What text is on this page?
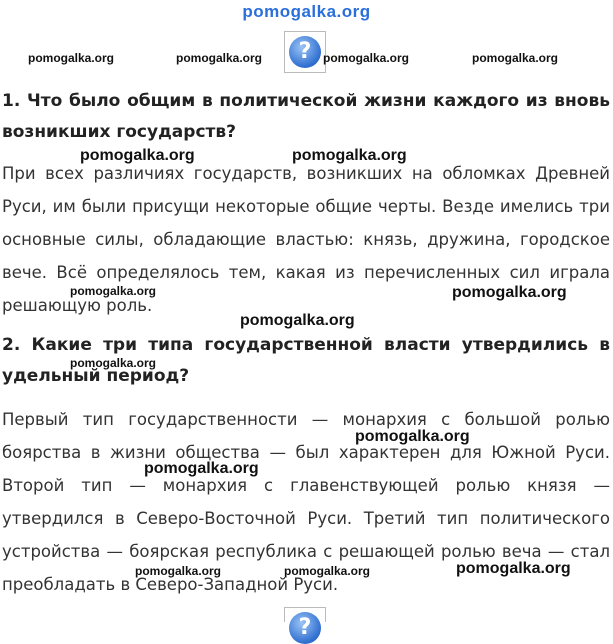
pomogalka.org
?
pomogalka.org	pomogalka.org	pomogalka.org	pomogalka.org
1. Что было общим в политической жизни каждого из вновь возникших государств?
При всех различиях государств, возникших на обломках Древней Руси, им были присущи некоторые общие черты. Везде имелись три основные силы, обладающие властью: князь, дружина, городское вече. Всё определялось тем, какая из перечисленных сил играла решающую роль.
2. Какие три типа государственной власти утвердились в удельный период?
Первый тип государственности — монархия с большой ролью боярства в жизни общества — был характерен для Южной Руси. Второй тип — монархия с главенствующей ролью князя — утвердился в Северо-Восточной Руси. Третий тип политического устройства — боярская республика с решающей ролью веча — стал преобладать в Северо-Западной Руси.
pomogalka.org	pomogalka.org
pomogalka.org	pomogalka.org
pomogalka.org
pomogalka.org
pomogalka.org
pomogalka.org
pomogalka.org	pomogalka.org	pomogalka.org
?
